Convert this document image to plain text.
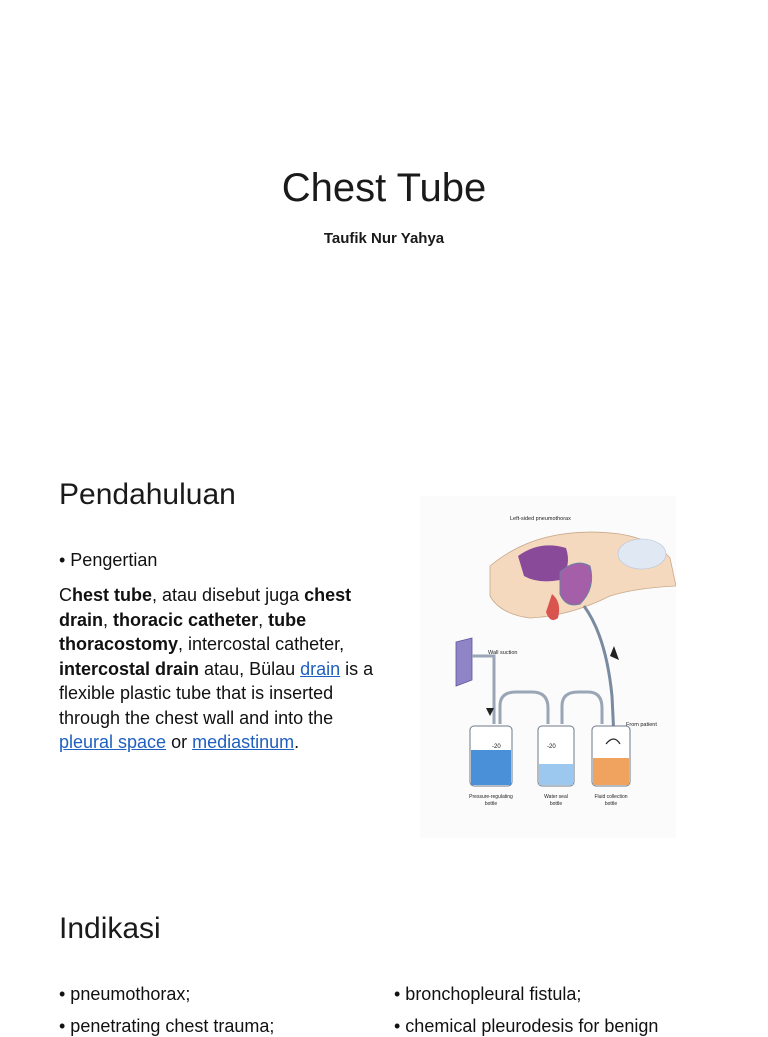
Chest Tube
Taufik Nur Yahya
Pendahuluan
• Pengertian
Chest tube, atau disebut juga chest drain, thoracic catheter, tube thoracostomy, intercostal catheter, intercostal drain atau, Bülau drain is a flexible plastic tube that is inserted through the chest wall and into the pleural space or mediastinum.
Left-sided pneumothorax
Wall suction
-20	-20
From patient
Pressure-regulating
bottle
Water seal
bottle
Fluid collection
bottle
Indikasi
• pneumothorax;
• penetrating chest trauma;
• bronchopleural fistula;
• chemical pleurodesis for benign
